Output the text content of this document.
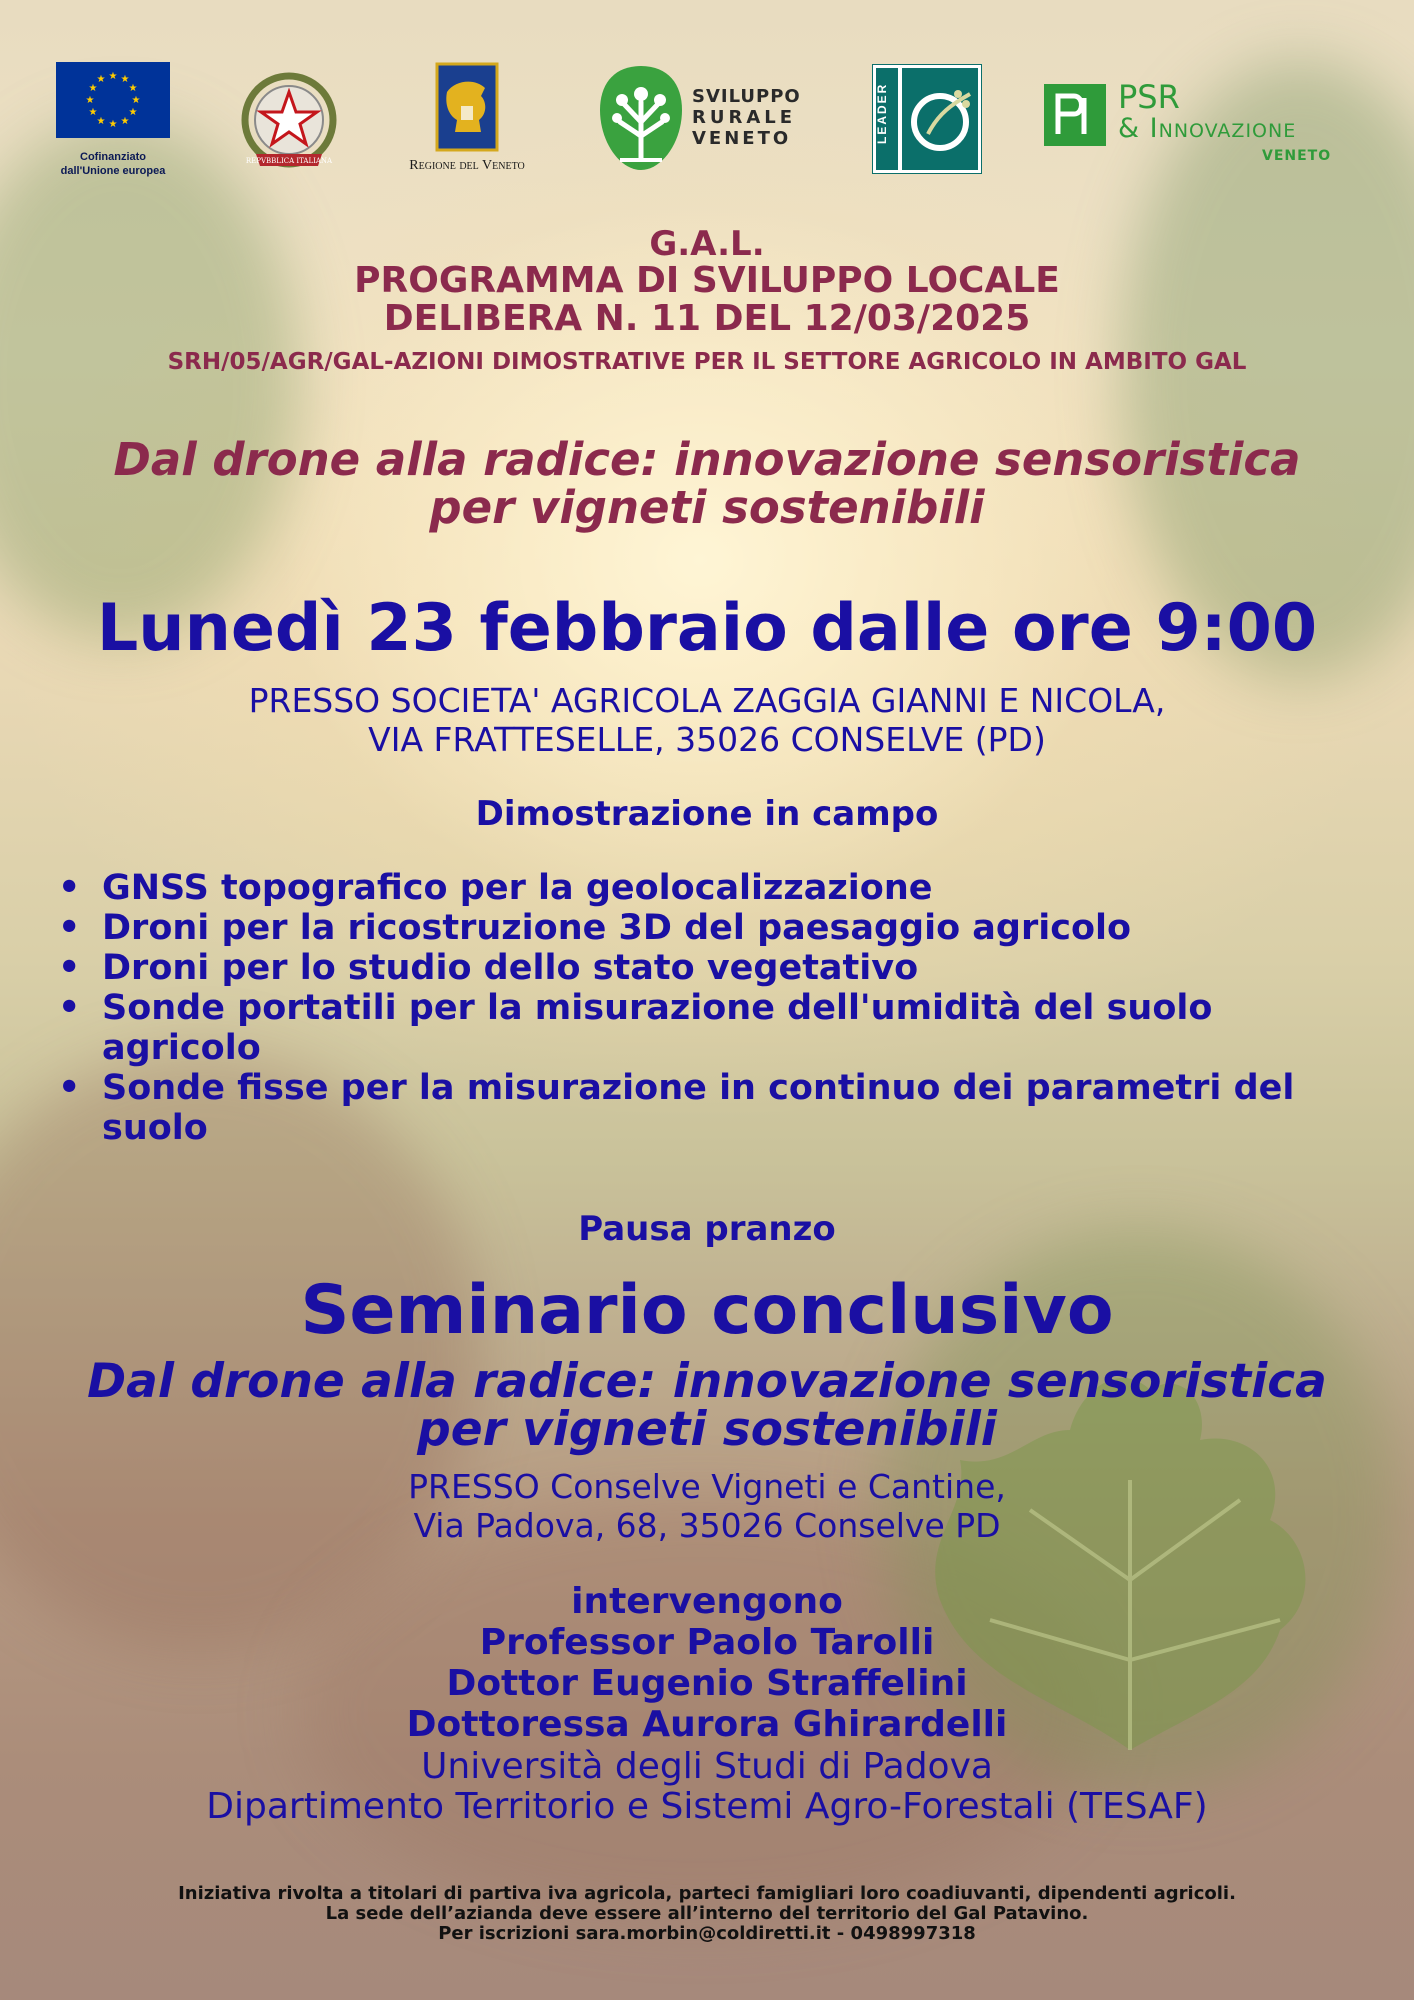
★ ★
★
★
★
★
★
★
★
★
★
★
Cofinanziato
dall'Unione europea
REPVBBLICA ITALIANA	Regione del Veneto
SVILUPPO
RURALE
VENETO	LEADER	PSR
& Innovazione
VENETO
G.A.L.
PROGRAMMA DI SVILUPPO LOCALE
DELIBERA N. 11 DEL 12/03/2025
SRH/05/AGR/GAL-AZIONI DIMOSTRATIVE PER IL SETTORE AGRICOLO IN AMBITO GAL
Dal drone alla radice: innovazione sensoristica
per vigneti sostenibili
Lunedì 23 febbraio dalle ore 9:00
PRESSO SOCIETA' AGRICOLA ZAGGIA GIANNI E NICOLA,
VIA FRATTESELLE, 35026 CONSELVE (PD)
Dimostrazione in campo
• GNSS topografico per la geolocalizzazione
• Droni per la ricostruzione 3D del paesaggio agricolo
• Droni per lo studio dello stato vegetativo
• Sonde portatili per la misurazione dell'umidità del suolo agricolo
• Sonde fisse per la misurazione in continuo dei parametri del suolo
Pausa pranzo
Seminario conclusivo
Dal drone alla radice: innovazione sensoristica
per vigneti sostenibili
PRESSO Conselve Vigneti e Cantine,
Via Padova, 68, 35026 Conselve PD
intervengono
Professor Paolo Tarolli
Dottor Eugenio Straffelini
Dottoressa Aurora Ghirardelli
Università degli Studi di Padova
Dipartimento Territorio e Sistemi Agro-Forestali (TESAF)
Iniziativa rivolta a titolari di partiva iva agricola, parteci famigliari loro coadiuvanti, dipendenti agricoli.
La sede dell’azianda deve essere all’interno del territorio del Gal Patavino.
Per iscrizioni sara.morbin@coldiretti.it - 0498997318
